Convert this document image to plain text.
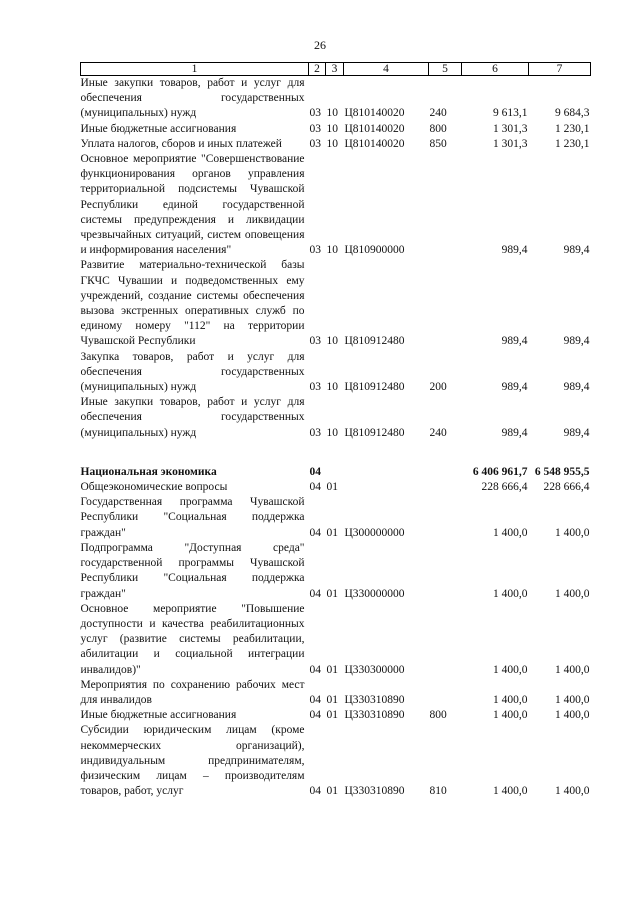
26
1	2	3	4	5	6	7
Иные закупки товаров, работ и услуг для обеспечения государственных (муниципальных) нужд	03	10	Ц810140020	240	9 613,1	9 684,3
Иные бюджетные ассигнования	03	10	Ц810140020	800	1 301,3	1 230,1
Уплата налогов, сборов и иных платежей	03	10	Ц810140020	850	1 301,3	1 230,1
Основное мероприятие "Совершенствование функционирования органов управления территориальной подсистемы Чувашской Республики единой государственной системы предупреждения и ликвидации чрезвычайных ситуаций, систем оповещения и информирования населения"	03	10	Ц810900000		989,4	989,4
Развитие материально-технической базы ГКЧС Чувашии и подведомственных ему учреждений, создание системы обеспечения вызова экстренных оперативных служб по единому номеру "112" на территории Чувашской Республики	03	10	Ц810912480		989,4	989,4
Закупка товаров, работ и услуг для обеспечения государственных (муниципальных) нужд	03	10	Ц810912480	200	989,4	989,4
Иные закупки товаров, работ и услуг для обеспечения государственных (муниципальных) нужд	03	10	Ц810912480	240	989,4	989,4

Национальная экономика	04				6 406 961,7	6 548 955,5
Общеэкономические вопросы	04	01			228 666,4	228 666,4
Государственная программа Чувашской Республики "Социальная поддержка граждан"	04	01	Ц300000000		1 400,0	1 400,0
Подпрограмма "Доступная среда" государственной программы Чувашской Республики "Социальная поддержка граждан"	04	01	Ц330000000		1 400,0	1 400,0
Основное мероприятие "Повышение доступности и качества реабилитационных услуг (развитие системы реабилитации, абилитации и социальной интеграции инвалидов)"	04	01	Ц330300000		1 400,0	1 400,0
Мероприятия по сохранению рабочих мест для инвалидов	04	01	Ц330310890		1 400,0	1 400,0
Иные бюджетные ассигнования	04	01	Ц330310890	800	1 400,0	1 400,0
Субсидии юридическим лицам (кроме некоммерческих организаций), индивидуальным предпринимателям, физическим лицам – производителям товаров, работ, услуг	04	01	Ц330310890	810	1 400,0	1 400,0
